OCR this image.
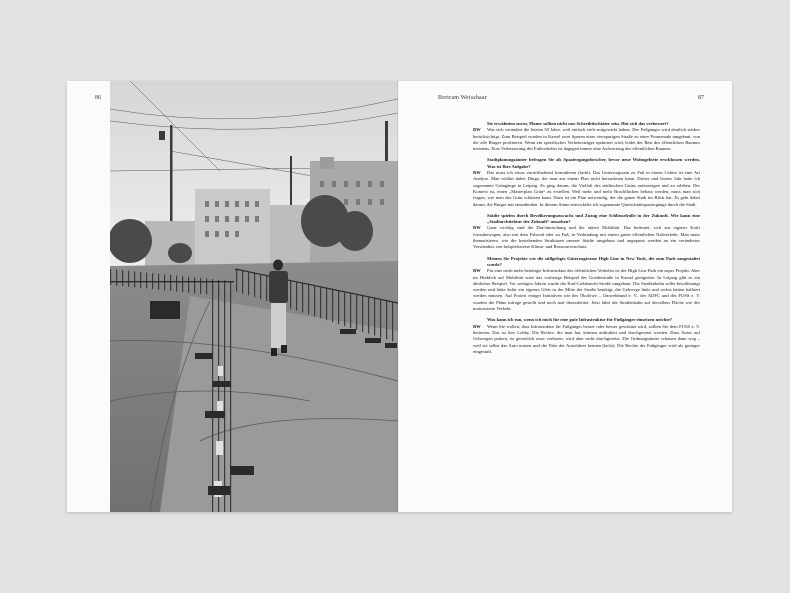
86	Bertram Weisshaar	87

Sie erwähnten zuvor, Planer sollten nicht nur Schreibtischtäter sein. Hat sich das verbessert?

BW Was sich verändert die letzten 50 Jahre, weil einfach viele mitgewirkt haben: Der Fußgänger wird deutlich stärker berücksichtigt. Zum Beispiel wurden in Kassel zwei Spuren einer vierspurigen Straße zu einer Promenade umgebaut, von der alle Bürger profitieren. Wenn ein spezifisches Verkehrsträger optimiert wird, leidet der Rest des öffentlichen Raumes meistens. Eine Verbesserung des Fußverkehrs ist dagegen immer eine Aufwertung des öffentlichen Raumes.

Stadtplanungsämter befragen Sie als Spaziergangsforscher, bevor neue Wohngebiete erschlossen werden. Was ist Ihre Aufgabe?

BW Das muss ich etwas zurückhaltend formulieren (lacht). Das Unterwegssein zu Fuß in einem Gebiet ist eine Art Analyse. Man erfährt dabei Dinge, die man aus einem Plan nicht herauslesen kann. Dieses und letztes Jahr hatte ich sogenannte Grüngänge in Leipzig. Es ging darum, die Vielfalt des städtischen Grüns aufzuzeigen und zu erleben. Der Kontext ist, einen „Masterplan Grün“ zu erstellen. Weil mehr und mehr Brachflächen bebaut werden, muss man sich fragen, wie man das Grün schützen kann. Dazu ist ein Plan notwendig, der die ganze Stadt im Blick hat. Es geht dabei darum, die Bürger mit einzubinden. In diesem Sinne entwickelte ich sogenannte Querschnittspaziergänge durch die Stadt.

Städte spielen durch Bevölkerungszuwachs und Zuzug eine Schlüsselrolle in der Zukunft. Wie kann eine „Stadtarchitektur der Zukunft“ aussehen?

BW Ganz wichtig sind die Durchmischung und die aktive Mobilität. Das bedeutet, sich aus eigener Kraft fortzubewegen, also mit dem Fahrrad oder zu Fuß, in Verbindung mit einem guten öffentlichen Nahverkehr. Man muss thematisieren, wie die bestehenden Strukturen unserer Städte umgebaut und angepasst werden an ein verändertes Verständnis von beispielsweise Klima- und Ressourcenschutz.

Meinen Sie Projekte wie die stillgelegte Güterzugtrasse High Line in New York, die zum Park umgestaltet wurde?

BW Für eine nicht mehr benötigte Infrastruktur des öffentlichen Verkehrs ist der High Line Park ein super Projekt. Aber im Hinblick auf Mobilität wäre das vorherige Beispiel der Goethestraße in Kassel geeigneter. In Leipzig gibt es ein ähnliches Beispiel. Vor wenigen Jahren wurde die Karl-Liebknecht-Straße umgebaut. Die Straßenbahn sollte beschleunigt werden und hätte dafür ein eigenes Gleis in der Mitte der Straße benötigt, die Gehwege links und rechts hätten halbiert werden müssen. Auf Protest einiger Initiativen wie des Ökolöwe – Umweltbund e. V., der ADFC und des FUSS e. V. wurden die Pläne infrage gestellt und noch mal überarbeitet. Jetzt fährt die Straßenbahn auf derselben Fläche wie der motorisierte Verkehr.

Was kann ich tun, wenn ich mich für eine gute Infrastruktur für Fußgänger einsetzen möchte?

BW Wenn Sie wollen, dass Infrastruktur für Fußgänger besser oder besser geschützt wird, sollten Sie dem FUSS e. V. beitreten. Das ist ihre Lobby. Die Rechte, die man hat, können artikuliert und durchgesetzt werden. Dass Autos auf Gehwegen parken, ist gesetzlich zwar verboten, wird aber nicht durchgesetzt. Die Ordnungsämter schauen dann weg – weil sie selbst das Auto nutzen und die Nöte der Autofahrer kennen (lacht). Die Rechte der Fußgänger wird als geringer eingestuft.
